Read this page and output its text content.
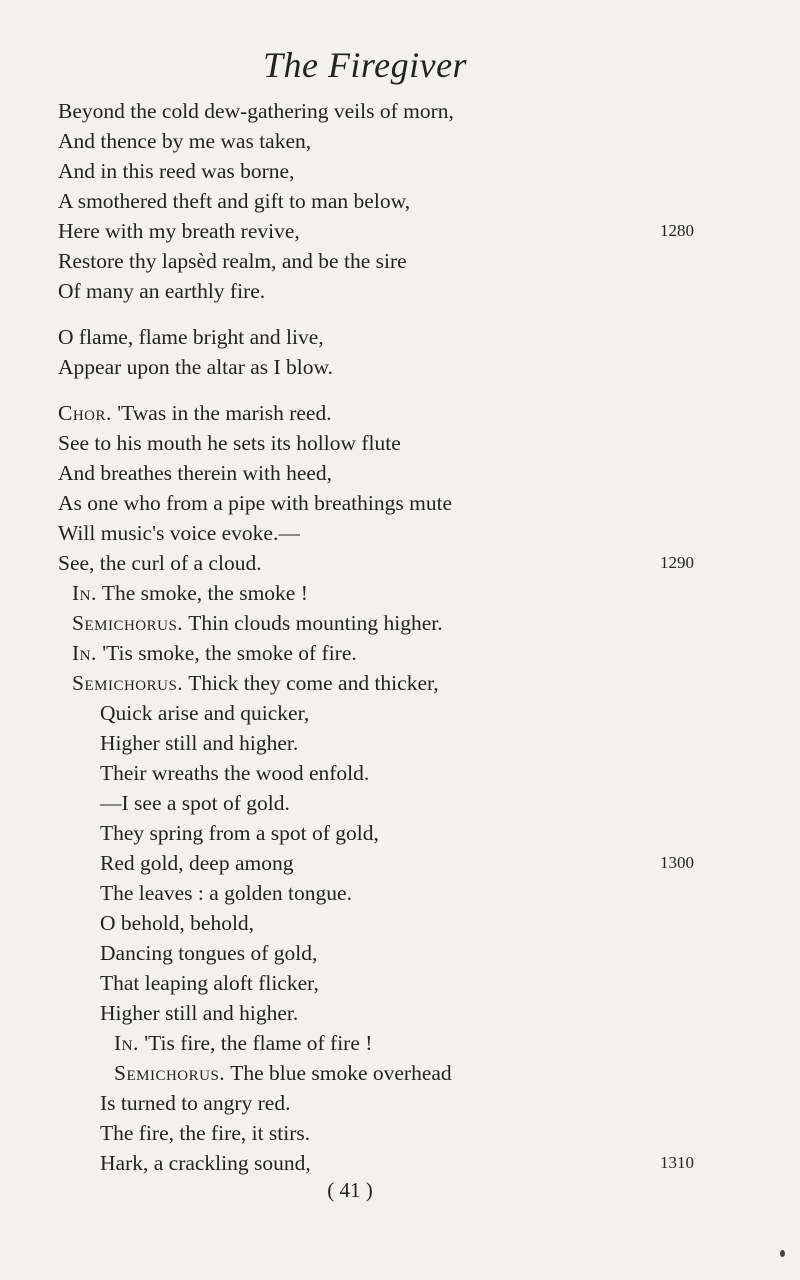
The Firegiver
Beyond the cold dew-gathering veils of morn,
And thence by me was taken,
And in this reed was borne,
A smothered theft and gift to man below,
Here with my breath revive,
Restore thy lapsèd realm, and be the sire
Of many an earthly fire.
O flame, flame bright and live,
Appear upon the altar as I blow.
Chor. 'Twas in the marish reed.
See to his mouth he sets its hollow flute
And breathes therein with heed,
As one who from a pipe with breathings mute
Will music's voice evoke.—
See, the curl of a cloud.
In. The smoke, the smoke !
Semichorus. Thin clouds mounting higher.
In. 'Tis smoke, the smoke of fire.
Semichorus. Thick they come and thicker,
Quick arise and quicker,
Higher still and higher.
Their wreaths the wood enfold.
—I see a spot of gold.
They spring from a spot of gold,
Red gold, deep among
The leaves : a golden tongue.
O behold, behold,
Dancing tongues of gold,
That leaping aloft flicker,
Higher still and higher.
In. 'Tis fire, the flame of fire !
Semichorus. The blue smoke overhead
Is turned to angry red.
The fire, the fire, it stirs.
Hark, a crackling sound,
1280
1290
1300
1310
( 41 )
